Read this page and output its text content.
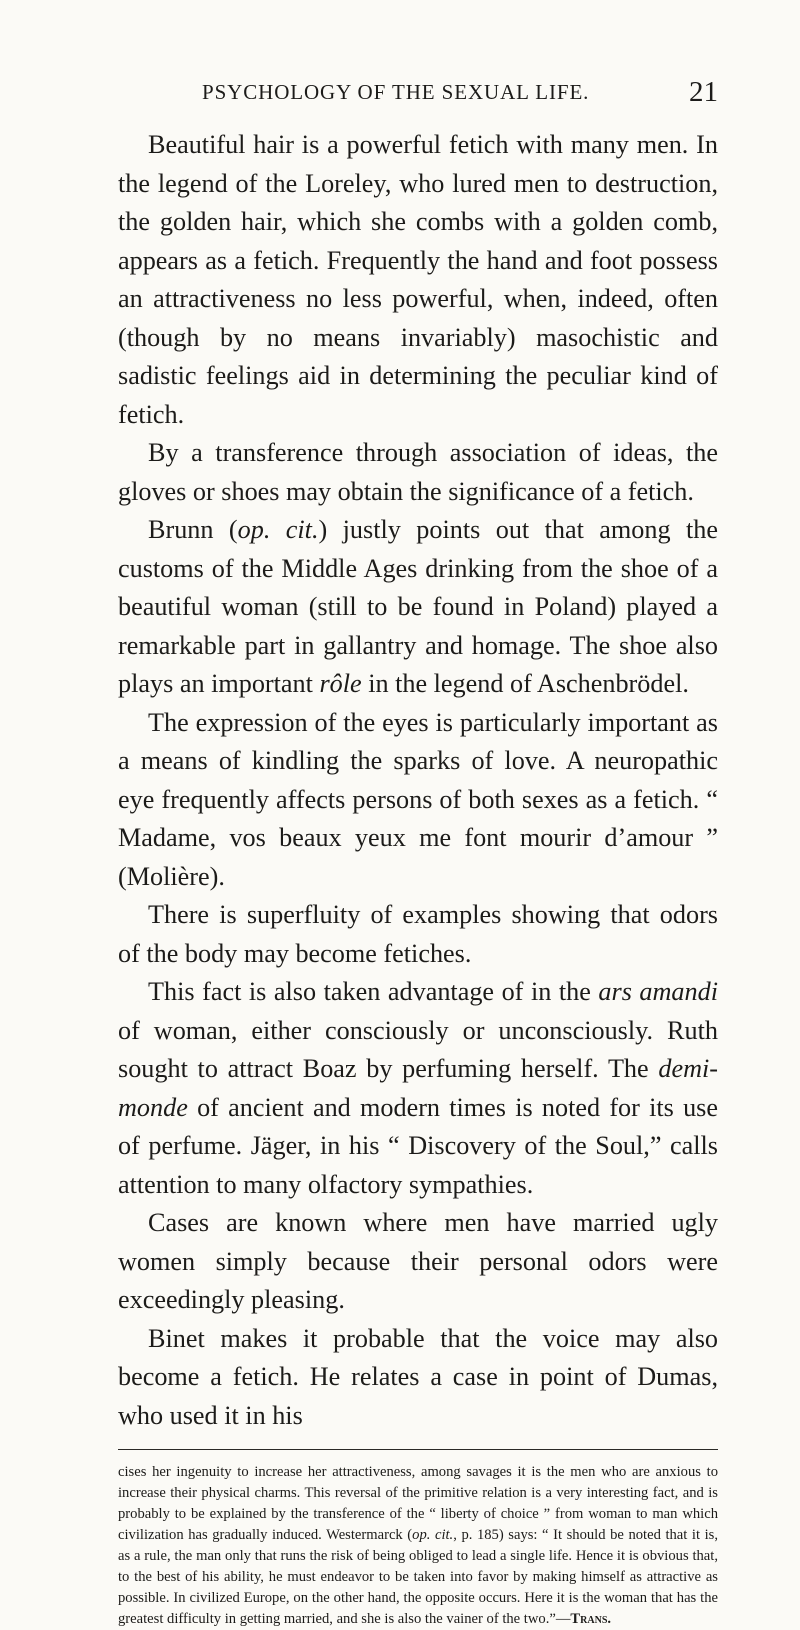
PSYCHOLOGY OF THE SEXUAL LIFE.	21

Beautiful hair is a powerful fetich with many men. In the legend of the Loreley, who lured men to destruction, the golden hair, which she combs with a golden comb, appears as a fetich. Frequently the hand and foot possess an attractiveness no less powerful, when, indeed, often (though by no means invariably) masochistic and sadistic feelings aid in determining the peculiar kind of fetich.

By a transference through association of ideas, the gloves or shoes may obtain the significance of a fetich.

Brunn (op. cit.) justly points out that among the customs of the Middle Ages drinking from the shoe of a beautiful woman (still to be found in Poland) played a remarkable part in gallantry and homage. The shoe also plays an important rôle in the legend of Aschenbrödel.

The expression of the eyes is particularly important as a means of kindling the sparks of love. A neuropathic eye frequently affects persons of both sexes as a fetich. “ Madame, vos beaux yeux me font mourir d’amour ” (Molière).

There is superfluity of examples showing that odors of the body may become fetiches.

This fact is also taken advantage of in the ars amandi of woman, either consciously or unconsciously. Ruth sought to attract Boaz by perfuming herself. The demi-monde of ancient and modern times is noted for its use of perfume. Jäger, in his “ Discovery of the Soul,” calls attention to many olfactory sympathies.

Cases are known where men have married ugly women simply because their personal odors were exceedingly pleasing.

Binet makes it probable that the voice may also become a fetich. He relates a case in point of Dumas, who used it in his

cises her ingenuity to increase her attractiveness, among savages it is the men who are anxious to increase their physical charms. This reversal of the primitive relation is a very interesting fact, and is probably to be explained by the transference of the “ liberty of choice ” from woman to man which civilization has gradually induced. Westermarck (op. cit., p. 185) says: “ It should be noted that it is, as a rule, the man only that runs the risk of being obliged to lead a single life. Hence it is obvious that, to the best of his ability, he must endeavor to be taken into favor by making himself as attractive as possible. In civilized Europe, on the other hand, the opposite occurs. Here it is the woman that has the greatest difficulty in getting married, and she is also the vainer of the two.”—Trans.
